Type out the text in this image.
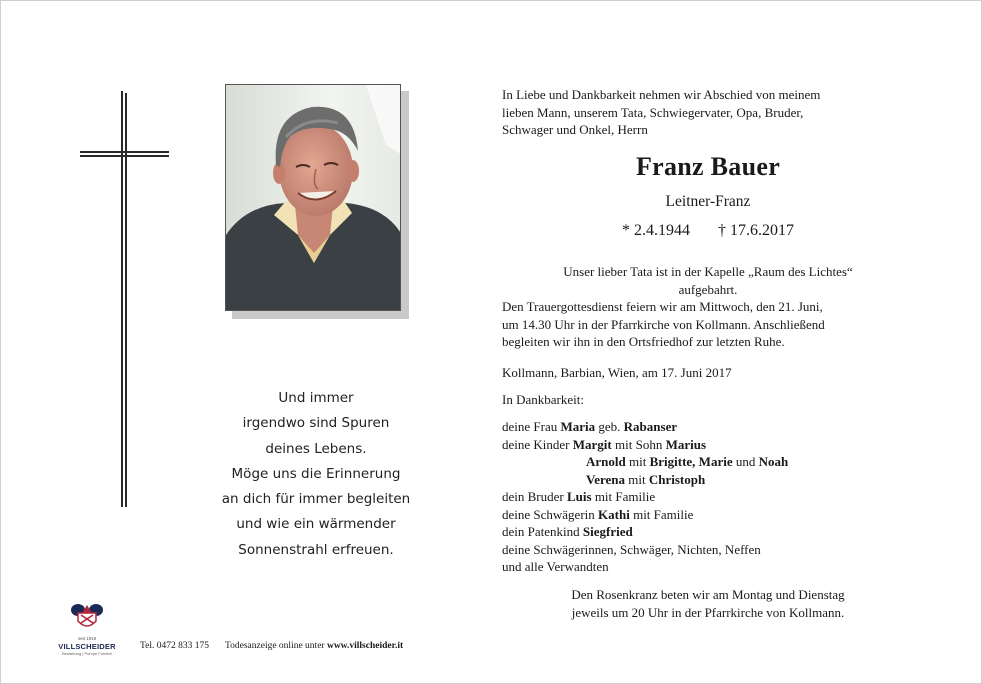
Und immer
irgendwo sind Spuren
deines Lebens.
Möge uns die Erinnerung
an dich für immer begleiten
und wie ein wärmender
Sonnenstrahl erfreuen.
In Liebe und Dankbarkeit nehmen wir Abschied von meinem
lieben Mann, unserem Tata, Schwiegervater, Opa, Bruder,
Schwager und Onkel, Herrn
Franz Bauer
Leitner-Franz
* 2.4.1944 † 17.6.2017
Unser lieber Tata ist in der Kapelle „Raum des Lichtes“
aufgebahrt.
Den Trauergottesdienst feiern wir am Mittwoch, den 21. Juni,
um 14.30 Uhr in der Pfarrkirche von Kollmann. Anschließend
begleiten wir ihn in den Ortsfriedhof zur letzten Ruhe.
Kollmann, Barbian, Wien, am 17. Juni 2017
In Dankbarkeit:
deine Frau Maria geb. Rabanser
deine Kinder Margit mit Sohn Marius
Arnold mit Brigitte, Marie und Noah
Verena mit Christoph
dein Bruder Luis mit Familie
deine Schwägerin Kathi mit Familie
dein Patenkind Siegfried
deine Schwägerinnen, Schwäger, Nichten, Neffen
und alle Verwandten
Den Rosenkranz beten wir am Montag und Dienstag
jeweils um 20 Uhr in der Pfarrkirche von Kollmann.
seit 1919
VILLSCHEIDER
Bestattung | Pompe Funebri
Tel. 0472 833 175 Todesanzeige online unter www.villscheider.it
